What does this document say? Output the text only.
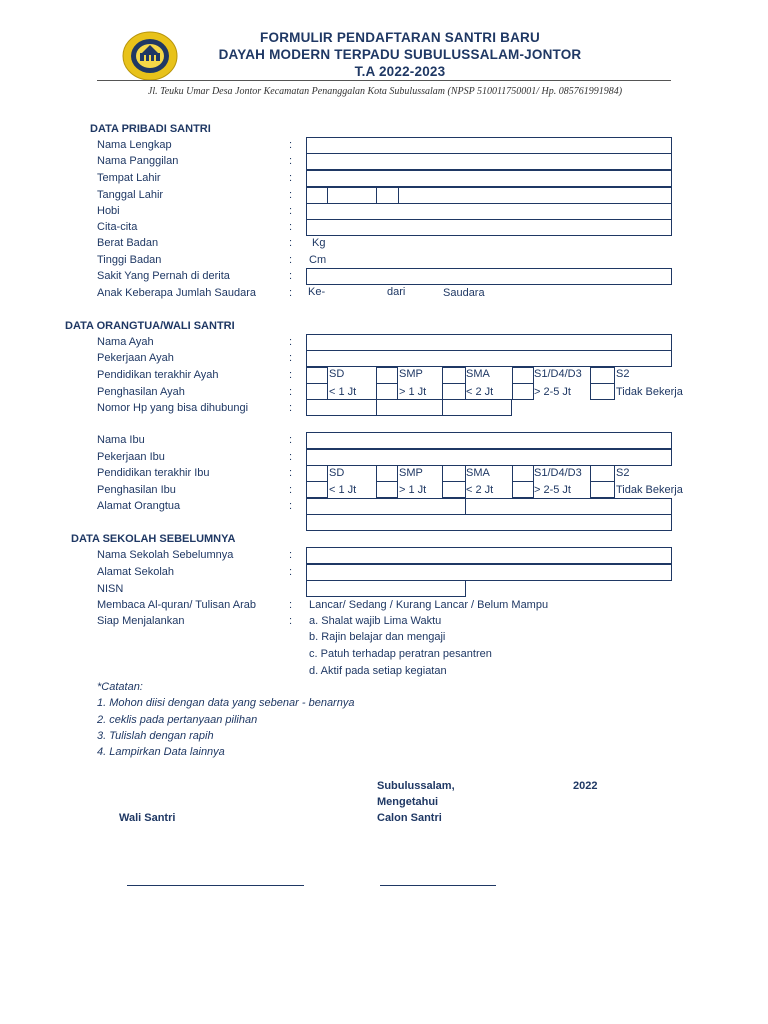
FORMULIR PENDAFTARAN SANTRI BARU
DAYAH MODERN TERPADU SUBULUSSALAM-JONTOR
T.A 2022-2023
Jl. Teuku Umar Desa Jontor Kecamatan Penanggalan Kota Subulussalam (NPSP 510011750001/ Hp. 085761991984)
DATA PRIBADI SANTRI
Nama Lengkap	:
Nama Panggilan	:
Tempat Lahir	:
Tanggal Lahir	:
Hobi	:
Cita-cita	:
Berat Badan	: Kg
Tinggi Badan	: Cm
Sakit Yang Pernah di derita	:
Anak Keberapa Jumlah Saudara	: Ke-	dari	Saudara
DATA ORANGTUA/WALI SANTRI
Nama Ayah	:
Pekerjaan Ayah	:
Pendidikan terakhir Ayah	:	SD	SMP	SMA	S1/D4/D3	S2
Penghasilan Ayah	:	< 1 Jt	> 1 Jt	< 2 Jt	> 2-5 Jt	Tidak Bekerja
Nomor Hp yang bisa dihubungi	:
Nama Ibu	:
Pekerjaan Ibu	:
Pendidikan terakhir Ibu	:	SD	SMP	SMA	S1/D4/D3	S2
Penghasilan Ibu	:	< 1 Jt	> 1 Jt	< 2 Jt	> 2-5 Jt	Tidak Bekerja
Alamat Orangtua	:
DATA SEKOLAH SEBELUMNYA
Nama Sekolah Sebelumnya	:
Alamat Sekolah	:
NISN
Membaca Al-quran/ Tulisan Arab	: Lancar/ Sedang / Kurang Lancar / Belum Mampu
Siap Menjalankan	: a. Shalat wajib Lima Waktu
b. Rajin belajar dan mengaji
c. Patuh terhadap peratran pesantren
d. Aktif pada setiap kegiatan
*Catatan:
1. Mohon diisi dengan data yang sebenar - benarnya
2. ceklis pada pertanyaan pilihan
3. Tulislah dengan rapih
4. Lampirkan Data lainnya
Subulussalam,	2022
Mengetahui
Wali Santri	Calon Santri
